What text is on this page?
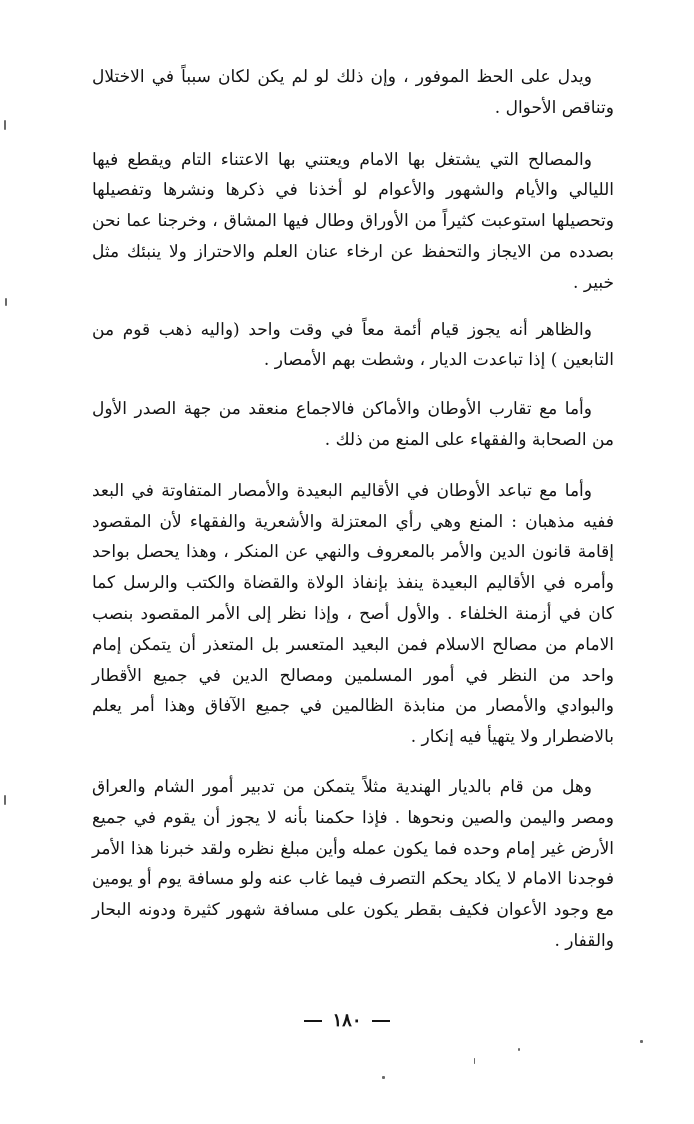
ويدل على الحظ الموفور ، وإن ذلك لو لم يكن لكان سبباً في الاختلال وتناقص الأحوال .

والمصالح التي يشتغل بها الامام ويعتني بها الاعتناء التام ويقطع فيها الليالي والأيام والشهور والأعوام لو أخذنا في ذكرها ونشرها وتفصيلها وتحصيلها استوعبت كثيراً من الأوراق وطال فيها المشاق ، وخرجنا عما نحن بصدده من الايجاز والتحفظ عن ارخاء عنان العلم والاحتراز ولا ينبئك مثل خبير .

والظاهر أنه يجوز قيام أئمة معاً في وقت واحد (واليه ذهب قوم من التابعين ) إذا تباعدت الديار ، وشطت بهم الأمصار .

وأما مع تقارب الأوطان والأماكن فالاجماع منعقد من جهة الصدر الأول من الصحابة والفقهاء على المنع من ذلك .

وأما مع تباعد الأوطان في الأقاليم البعيدة والأمصار المتفاوتة في البعد ففيه مذهبان : المنع وهي رأي المعتزلة والأشعرية والفقهاء لأن المقصود إقامة قانون الدين والأمر بالمعروف والنهي عن المنكر ، وهذا يحصل بواحد وأمره في الأقاليم البعيدة ينفذ بإنفاذ الولاة والقضاة والكتب والرسل كما كان في أزمنة الخلفاء . والأول أصح ، وإذا نظر إلى الأمر المقصود بنصب الامام من مصالح الاسلام فمن البعيد المتعسر بل المتعذر أن يتمكن إمام واحد من النظر في أمور المسلمين ومصالح الدين في جميع الأقطار والبوادي والأمصار من منابذة الظالمين في جميع الآفاق وهذا أمر يعلم بالاضطرار ولا يتهيأ فيه إنكار .

وهل من قام بالديار الهندية مثلاً يتمكن من تدبير أمور الشام والعراق ومصر واليمن والصين ونحوها . فإذا حكمنا بأنه لا يجوز أن يقوم في جميع الأرض غير إمام وحده فما يكون عمله وأين مبلغ نظره ولقد خبرنا هذا الأمر فوجدنا الامام لا يكاد يحكم التصرف فيما غاب عنه ولو مسافة يوم أو يومين مع وجود الأعوان فكيف بقطر يكون على مسافة شهور كثيرة ودونه البحار والقفار .

١٨٠
